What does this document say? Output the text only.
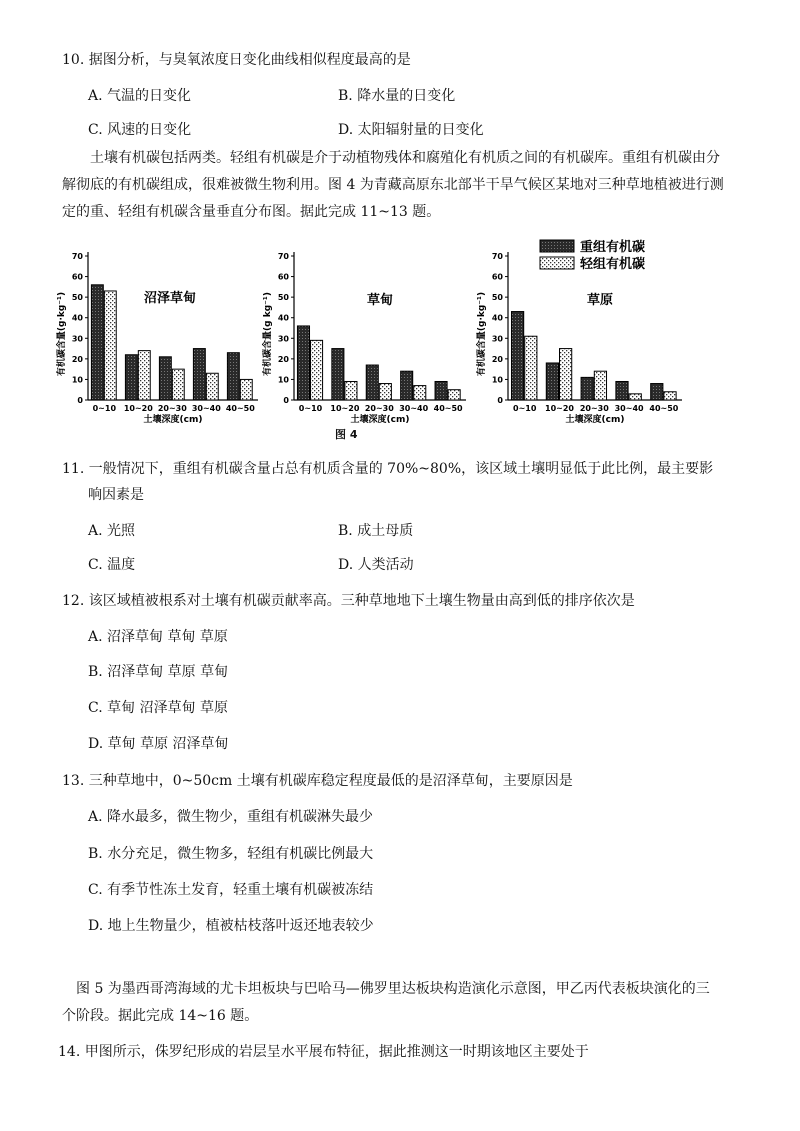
10. 据图分析，与臭氧浓度日变化曲线相似程度最高的是
A. 气温的日变化	B. 降水量的日变化
C. 风速的日变化	D. 太阳辐射量的日变化
土壤有机碳包括两类。轻组有机碳是介于动植物残体和腐殖化有机质之间的有机碳库。重组有机碳由分
解彻底的有机碳组成，很难被微生物利用。图 4 为青藏高原东北部半干旱气候区某地对三种草地植被进行测
定的重、轻组有机碳含量垂直分布图。据此完成 11~13 题。
0
10
20
30
40
50
60
70
有机碳含量(g·kg⁻¹)	沼泽草甸
0~10 10~20 20~30 30~40 40~50
土壤深度(cm)
0
10
20
30
40
50
60
70
有机碳含量(g kg⁻¹)	草甸
0~10 10~20 20~30 30~40 40~50
土壤深度(cm)
0
10
20
30
40
50
60
70
有机碳含量(g·kg⁻¹)	草原
0~10 10~20 20~30 30~40 40~50
土壤深度(cm)
重组有机碳
轻组有机碳
图 4
11. 一般情况下，重组有机碳含量占总有机质含量的 70%~80%，该区域土壤明显低于此比例，最主要影
响因素是
A. 光照	B. 成土母质
C. 温度	D. 人类活动
12. 该区域植被根系对土壤有机碳贡献率高。三种草地地下土壤生物量由高到低的排序依次是
A. 沼泽草甸 草甸 草原
B. 沼泽草甸 草原 草甸
C. 草甸 沼泽草甸 草原
D. 草甸 草原 沼泽草甸
13. 三种草地中，0~50cm 土壤有机碳库稳定程度最低的是沼泽草甸，主要原因是
A. 降水最多，微生物少，重组有机碳淋失最少
B. 水分充足，微生物多，轻组有机碳比例最大
C. 有季节性冻土发育，轻重土壤有机碳被冻结
D. 地上生物量少，植被枯枝落叶返还地表较少
图 5 为墨西哥湾海域的尤卡坦板块与巴哈马—佛罗里达板块构造演化示意图，甲乙丙代表板块演化的三
个阶段。据此完成 14~16 题。
14. 甲图所示，侏罗纪形成的岩层呈水平展布特征，据此推测这一时期该地区主要处于
